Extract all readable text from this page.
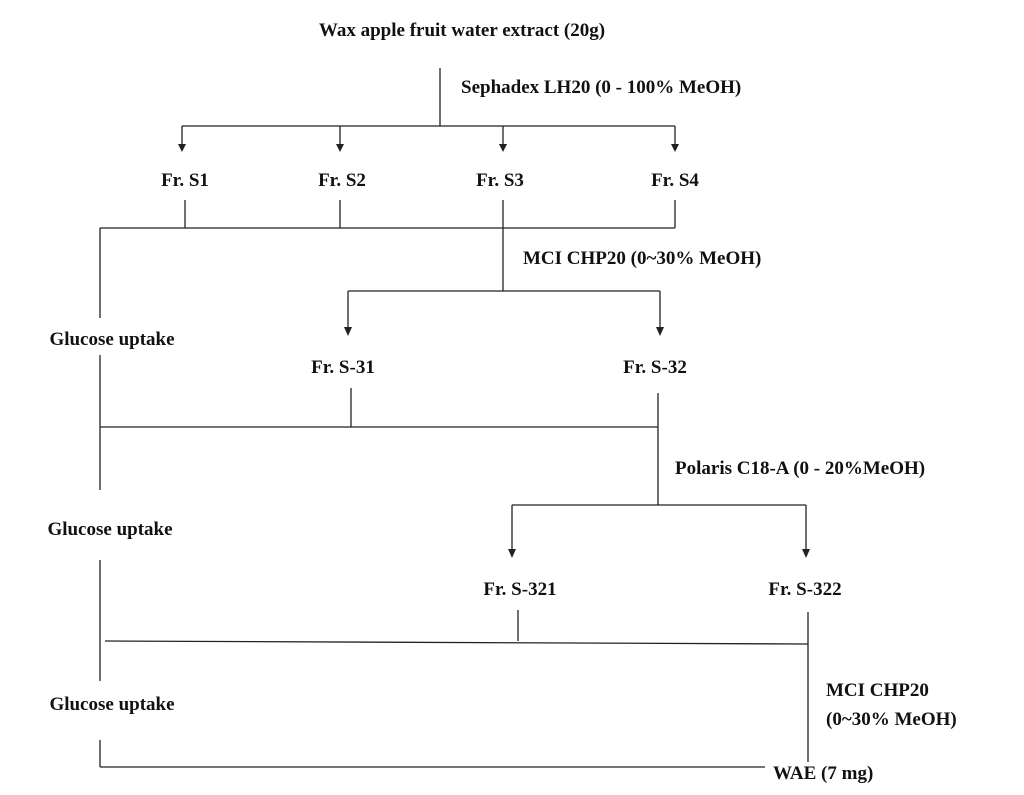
Wax apple fruit water extract (20g)
Sephadex LH20 (0 - 100% MeOH)
Fr. S1	Fr. S2	Fr. S3	Fr. S4
MCI CHP20 (0~30% MeOH)
Glucose uptake
Fr. S-31	Fr. S-32
Polaris C18-A (0 - 20%MeOH)
Glucose uptake
Fr. S-321	Fr. S-322
MCI CHP20
(0~30% MeOH)
Glucose uptake
WAE (7 mg)
